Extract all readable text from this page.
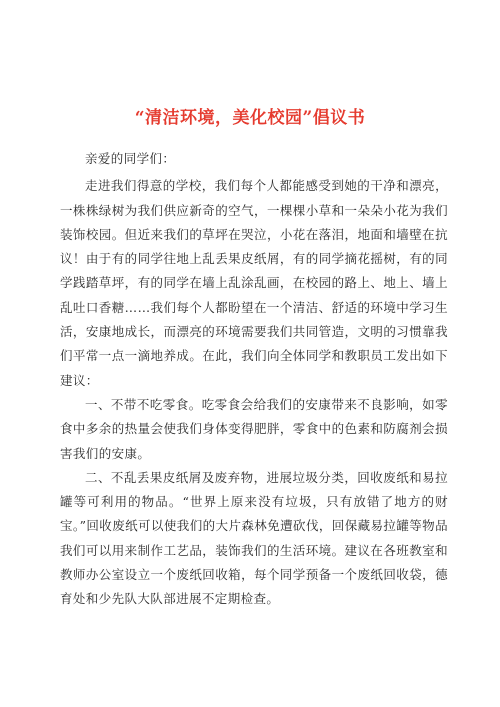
“清洁环境，美化校园”倡议书

亲爱的同学们：

走进我们得意的学校，我们每个人都能感受到她的干净和漂亮，一株株绿树为我们供应新奇的空气，一棵棵小草和一朵朵小花为我们装饰校园。但近来我们的草坪在哭泣，小花在落泪，地面和墙壁在抗议！由于有的同学往地上乱丢果皮纸屑，有的同学摘花摇树，有的同学践踏草坪，有的同学在墙上乱涂乱画，在校园的路上、地上、墙上乱吐口香糖……我们每个人都盼望在一个清洁、舒适的环境中学习生活，安康地成长，而漂亮的环境需要我们共同管造，文明的习惯靠我们平常一点一滴地养成。在此，我们向全体同学和教职员工发出如下建议：

一、不带不吃零食。吃零食会给我们的安康带来不良影响，如零食中多余的热量会使我们身体变得肥胖，零食中的色素和防腐剂会损害我们的安康。

二、不乱丢果皮纸屑及废弃物，进展垃圾分类，回收废纸和易拉罐等可利用的物品。“世界上原来没有垃圾，只有放错了地方的财宝。”回收废纸可以使我们的大片森林免遭砍伐，回保藏易拉罐等物品我们可以用来制作工艺品，装饰我们的生活环境。建议在各班教室和教师办公室设立一个废纸回收箱，每个同学预备一个废纸回收袋，德育处和少先队大队部进展不定期检查。
